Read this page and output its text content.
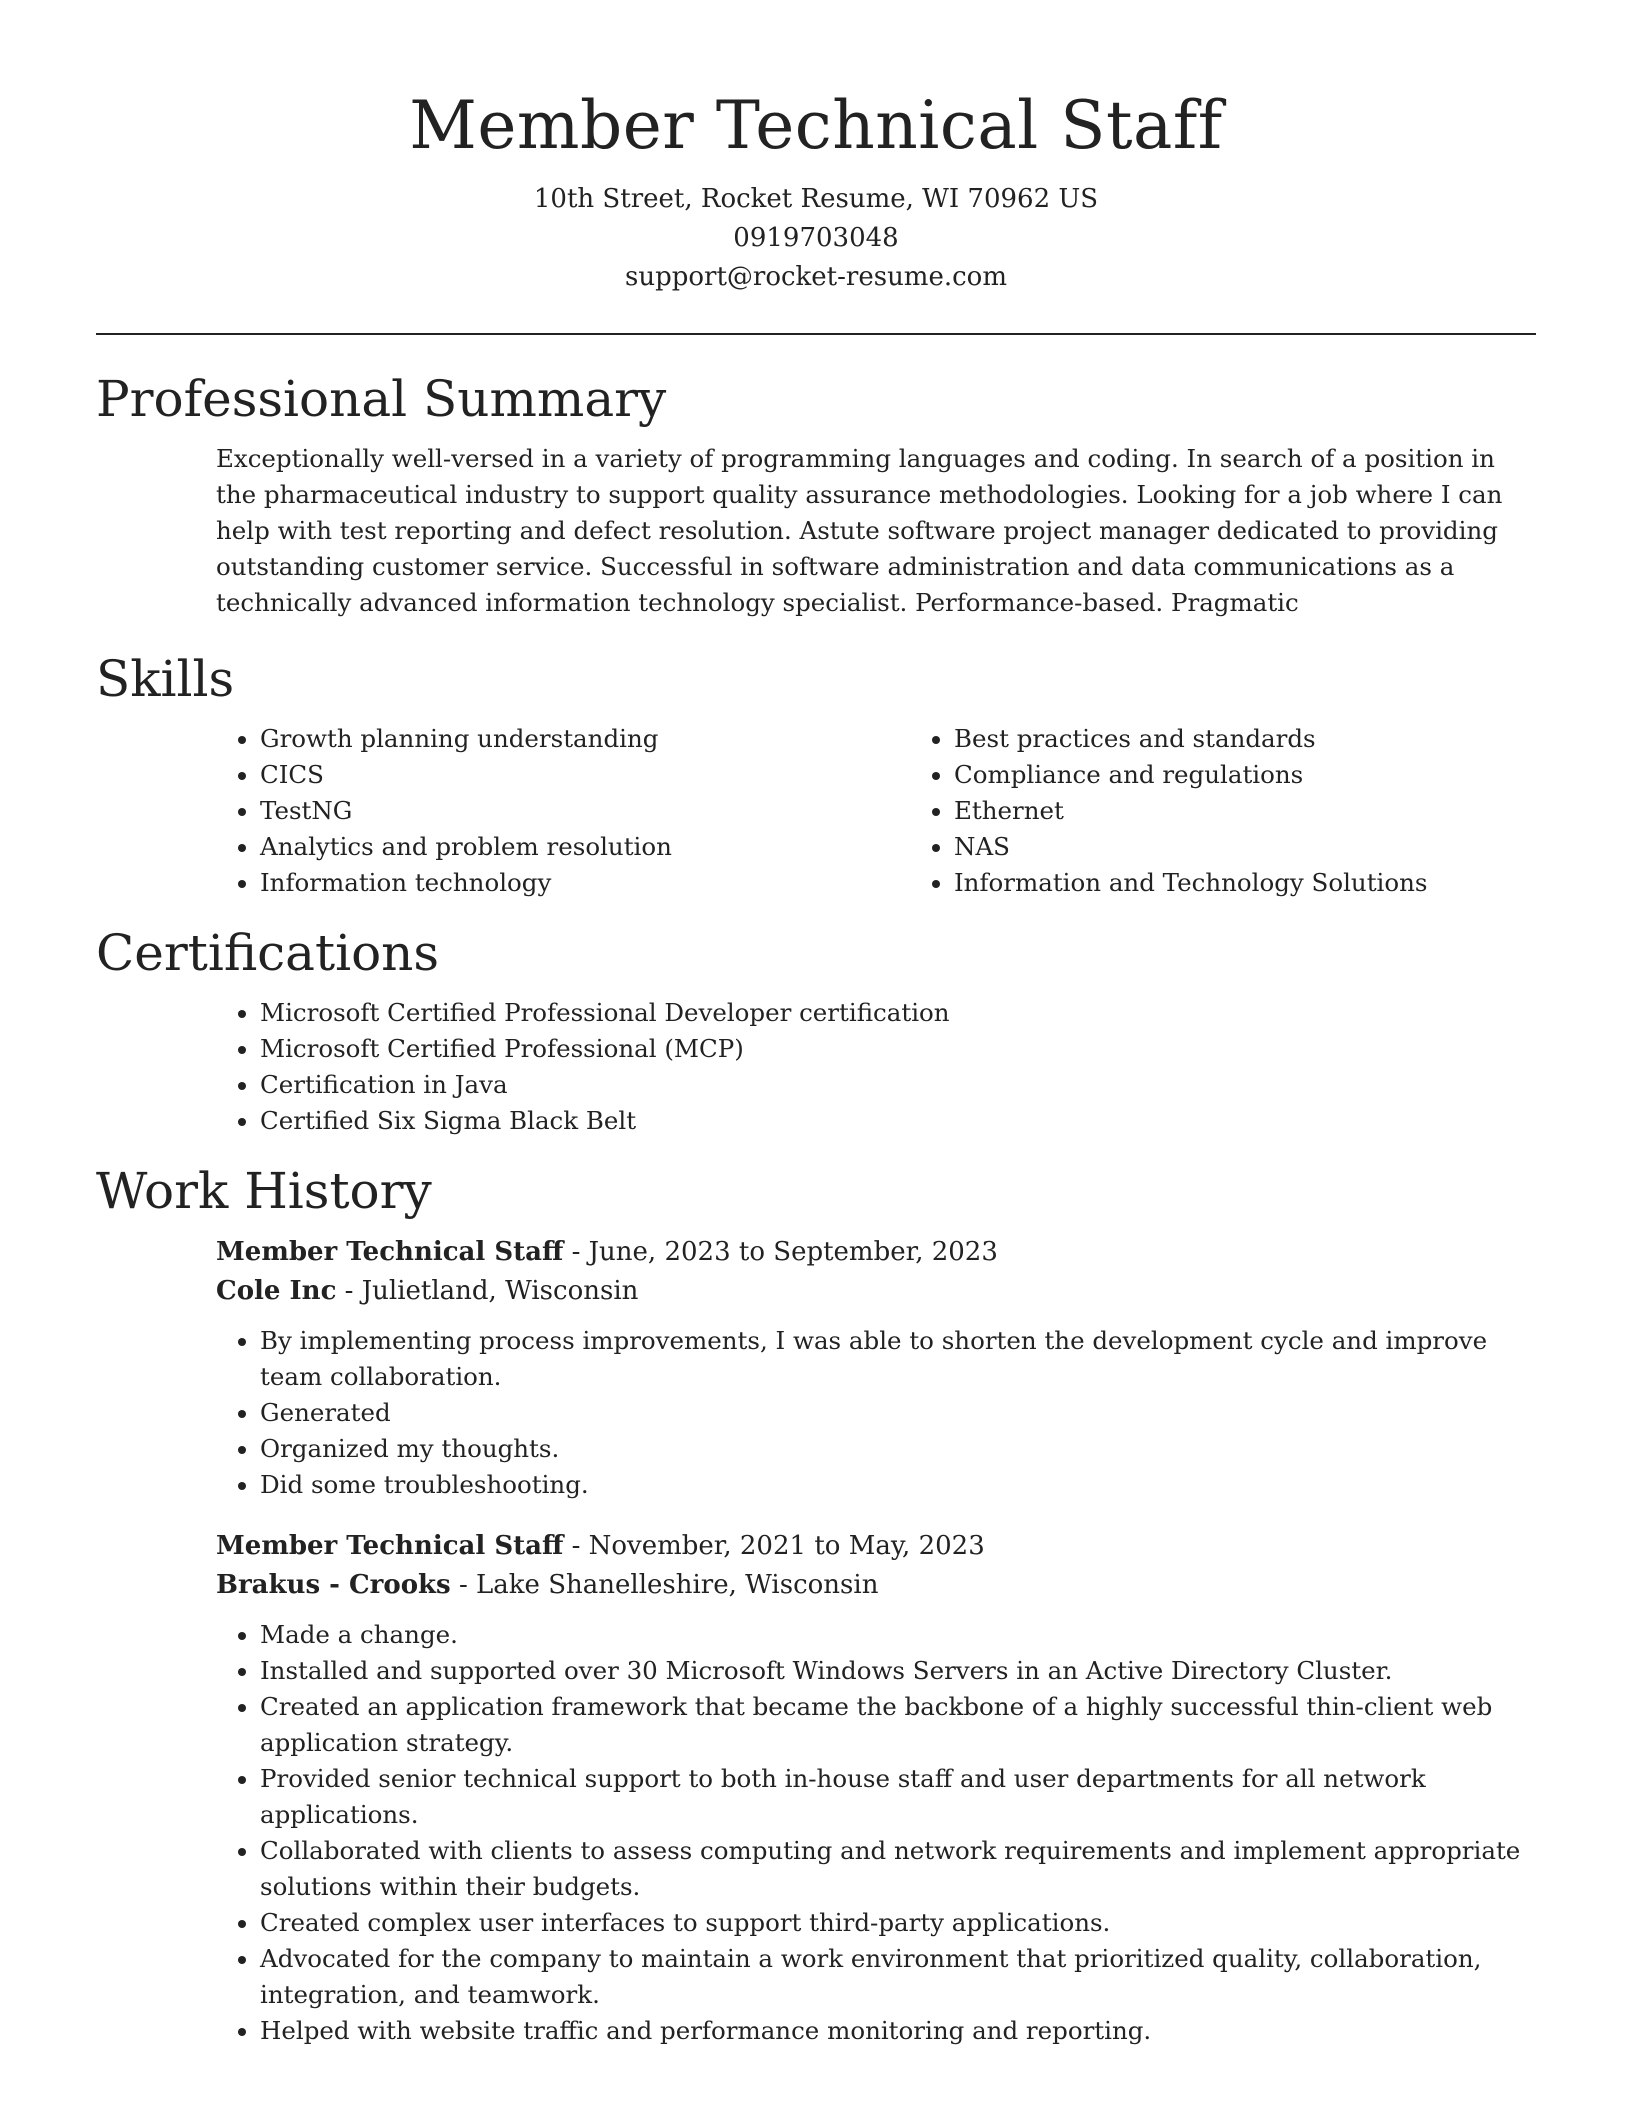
Member Technical Staff
10th Street, Rocket Resume, WI 70962 US
0919703048
support@rocket-resume.com
Professional Summary

Exceptionally well-versed in a variety of programming languages and coding. In search of a position in the pharmaceutical industry to support quality assurance methodologies. Looking for a job where I can help with test reporting and defect resolution. Astute software project manager dedicated to providing outstanding customer service. Successful in software administration and data communications as a technically advanced information technology specialist. Performance-based. Pragmatic

Skills
• Growth planning understanding
• CICS
• TestNG
• Analytics and problem resolution
• Information technology
• Best practices and standards
• Compliance and regulations
• Ethernet
• NAS
• Information and Technology Solutions
Certifications
• Microsoft Certified Professional Developer certification
• Microsoft Certified Professional (MCP)
• Certification in Java
• Certified Six Sigma Black Belt
Work History
Member Technical Staff - June, 2023 to September, 2023
Cole Inc - Julietland, Wisconsin
• By implementing process improvements, I was able to shorten the development cycle and improve team collaboration.
• Generated
• Organized my thoughts.
• Did some troubleshooting.
Member Technical Staff - November, 2021 to May, 2023
Brakus - Crooks - Lake Shanelleshire, Wisconsin
• Made a change.
• Installed and supported over 30 Microsoft Windows Servers in an Active Directory Cluster.
• Created an application framework that became the backbone of a highly successful thin-client web application strategy.
• Provided senior technical support to both in-house staff and user departments for all network applications.
• Collaborated with clients to assess computing and network requirements and implement appropriate solutions within their budgets.
• Created complex user interfaces to support third-party applications.
• Advocated for the company to maintain a work environment that prioritized quality, collaboration, integration, and teamwork.
• Helped with website traffic and performance monitoring and reporting.
